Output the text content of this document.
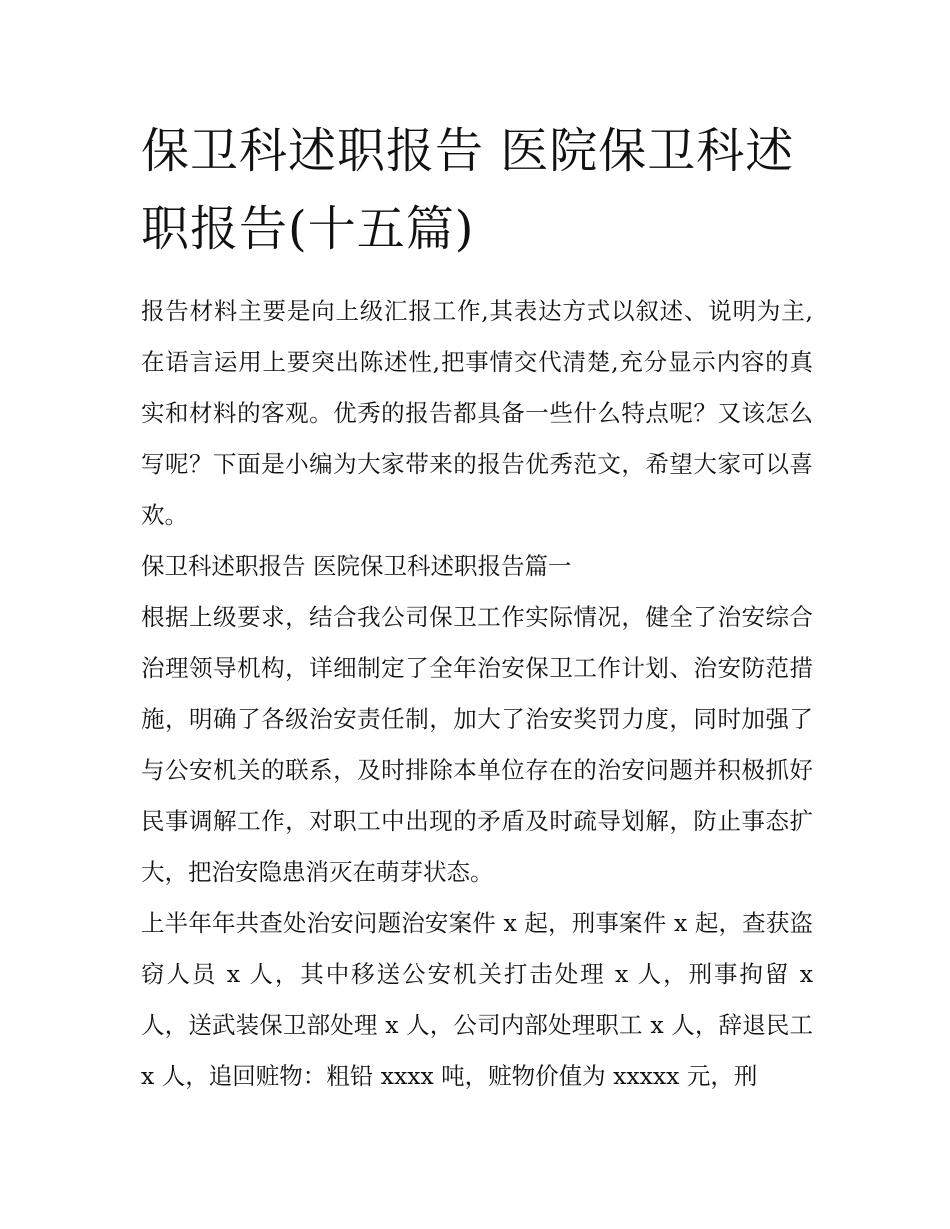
保卫科述职报告 医院保卫科述职报告(十五篇)

报告材料主要是向上级汇报工作,其表达方式以叙述、说明为主,在语言运用上要突出陈述性,把事情交代清楚,充分显示内容的真实和材料的客观。优秀的报告都具备一些什么特点呢？又该怎么写呢？下面是小编为大家带来的报告优秀范文，希望大家可以喜欢。

保卫科述职报告 医院保卫科述职报告篇一

根据上级要求，结合我公司保卫工作实际情况，健全了治安综合治理领导机构，详细制定了全年治安保卫工作计划、治安防范措施，明确了各级治安责任制，加大了治安奖罚力度，同时加强了与公安机关的联系，及时排除本单位存在的治安问题并积极抓好民事调解工作，对职工中出现的矛盾及时疏导划解，防止事态扩大，把治安隐患消灭在萌芽状态。

上半年年共查处治安问题治安案件 x 起，刑事案件 x 起，查获盗窃人员 x 人，其中移送公安机关打击处理 x 人，刑事拘留 x 人，送武装保卫部处理 x 人，公司内部处理职工 x 人，辞退民工 x 人，追回赃物：粗铅 xxxx 吨，赃物价值为 xxxxx 元，刑
